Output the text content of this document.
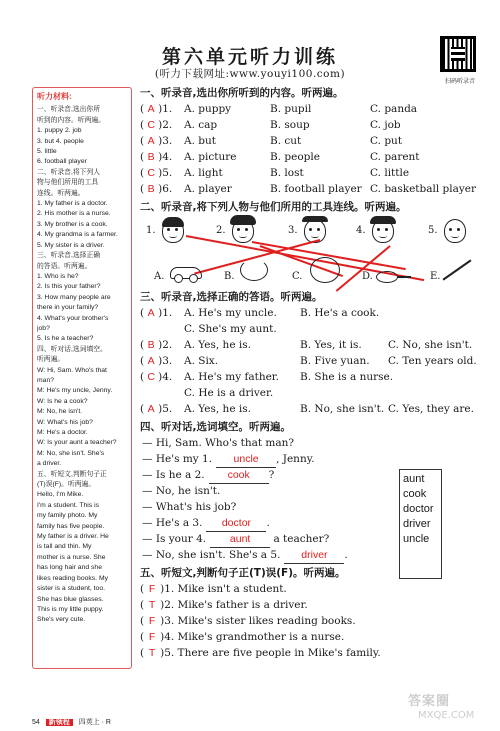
第六单元听力训练
(听力下载网址:www.youyi100.com)
扫码听录音
听力材料:
一、听录音,选出你所
听到的内容。听两遍。
1. puppy 2. job
3. but 4. people
5. little
6. football player
二、听录音,将下列人
物与他们所用的工具
连线。听两遍。
1. My father is a doctor.
2. His mother is a nurse.
3. My brother is a cook.
4. My grandma is a farmer.
5. My sister is a driver.
三、听录音,选择正确
的答语。听两遍。
1. Who is he?
2. Is this your father?
3. How many people are
there in your family?
4. What's your brother's
job?
5. Is he a teacher?
四、听对话,选词填空。
听两遍。
W: Hi, Sam. Who's that
man?
M: He's my uncle, Jenny.
W: Is he a cook?
M: No, he isn't.
W: What's his job?
M: He's a doctor.
W: Is your aunt a teacher?
M: No, she isn't. She's
a driver.
五、听短文,判断句子正
(T)误(F)。听两遍。
Hello, I'm Mike.
I'm a student. This is
my family photo. My
family has five people.
My father is a driver. He
is tall and thin. My
mother is a nurse. She
has long hair and she
likes reading books. My
sister is a student, too.
She has blue glasses.
This is my little puppy.
She's very cute.
一、听录音,选出你所听到的内容。听两遍。
( A )1. A. puppy	B. pupil	C. panda
( C )2. A. cap	B. soup	C. job
( A )3. A. but	B. cut	C. put
( B )4. A. picture	B. people	C. parent
( C )5. A. light	B. lost	C. little
( B )6. A. player	B. football player C. basketball player
二、听录音,将下列人物与他们所用的工具连线。听两遍。
1.	2.	3.	4.	5.
A.	B.	C.	D.	E.
三、听录音,选择正确的答语。听两遍。
( A )1. A. He's my uncle. B. He's a cook.
C. She's my aunt.
( B )2. A. Yes, he is.	B. Yes, it is.	C. No, she isn't.
( A )3. A. Six.	B. Five yuan. C. Ten years old.
( C )4. A. He's my father. B. She is a nurse.
C. He is a driver.
( A )5. A. Yes, he is.	B. No, she isn't. C. Yes, they are.
四、听对话,选词填空。听两遍。
— Hi, Sam. Who's that man?
— He's my 1. uncle , Jenny.
— Is he a 2. cook ?
— No, he isn't.
— What's his job?
— He's a 3. doctor .
— Is your 4. aunt a teacher?
— No, she isn't. She's a 5. driver .
五、听短文,判断句子正(T)误(F)。听两遍。
( F )1. Mike isn't a student.
( T )2. Mike's father is a driver.
( F )3. Mike's sister likes reading books.
( F )4. Mike's grandmother is a nurse.
( T )5. There are five people in Mike's family.
aunt
cook
doctor
driver
uncle
54 新领程 四英上 · R
答案圈
MXQE.COM
